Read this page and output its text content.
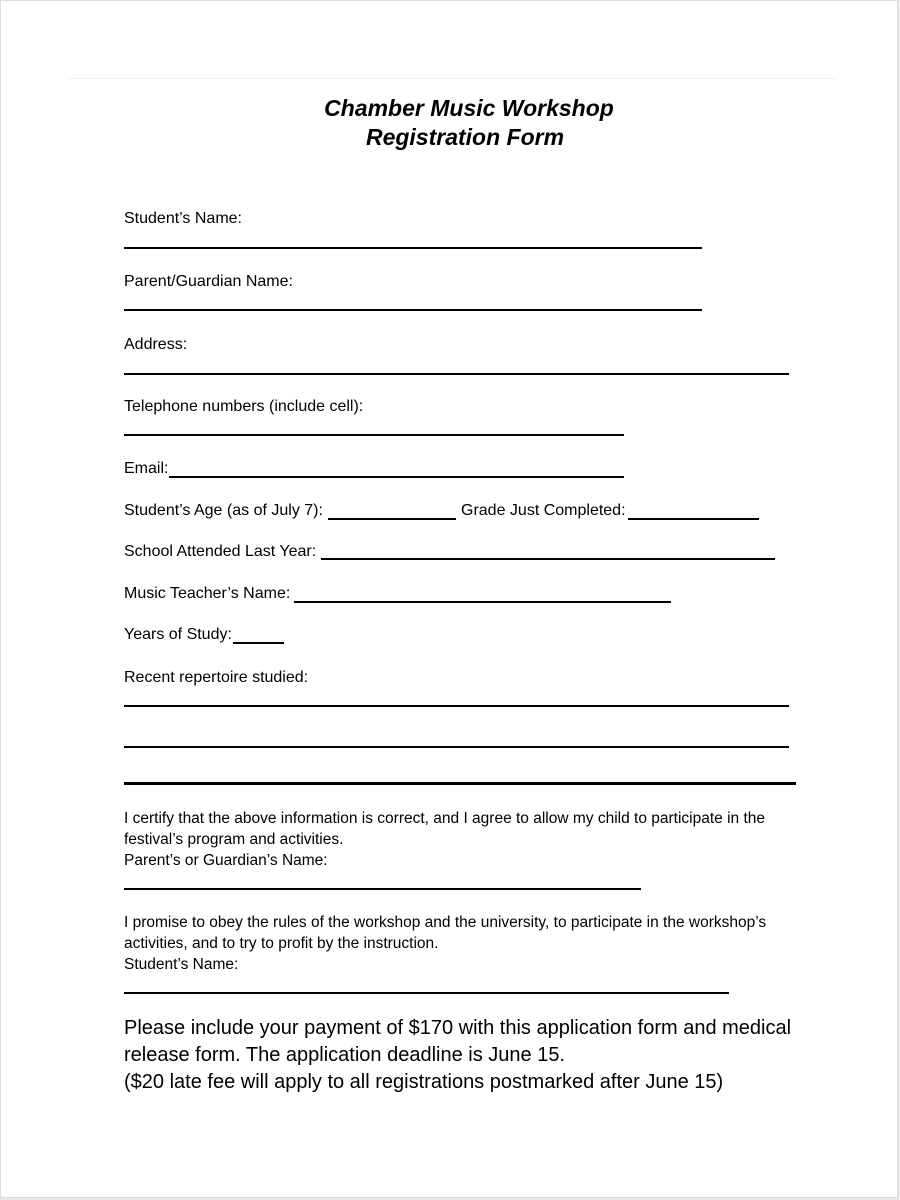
Chamber Music Workshop
Registration Form
Student’s Name:
Parent/Guardian Name:
Address:
Telephone numbers (include cell):
Email:
Student’s Age (as of July 7):	Grade Just Completed:
School Attended Last Year:
Music Teacher’s Name:
Years of Study:
Recent repertoire studied:
I certify that the above information is correct, and I agree to allow my child to participate in the
festival’s program and activities.
Parent’s or Guardian’s Name:
I promise to obey the rules of the workshop and the university, to participate in the workshop’s
activities, and to try to profit by the instruction.
Student’s Name:
Please include your payment of $170 with this application form and medical
release form. The application deadline is June 15.
($20 late fee will apply to all registrations postmarked after June 15)
